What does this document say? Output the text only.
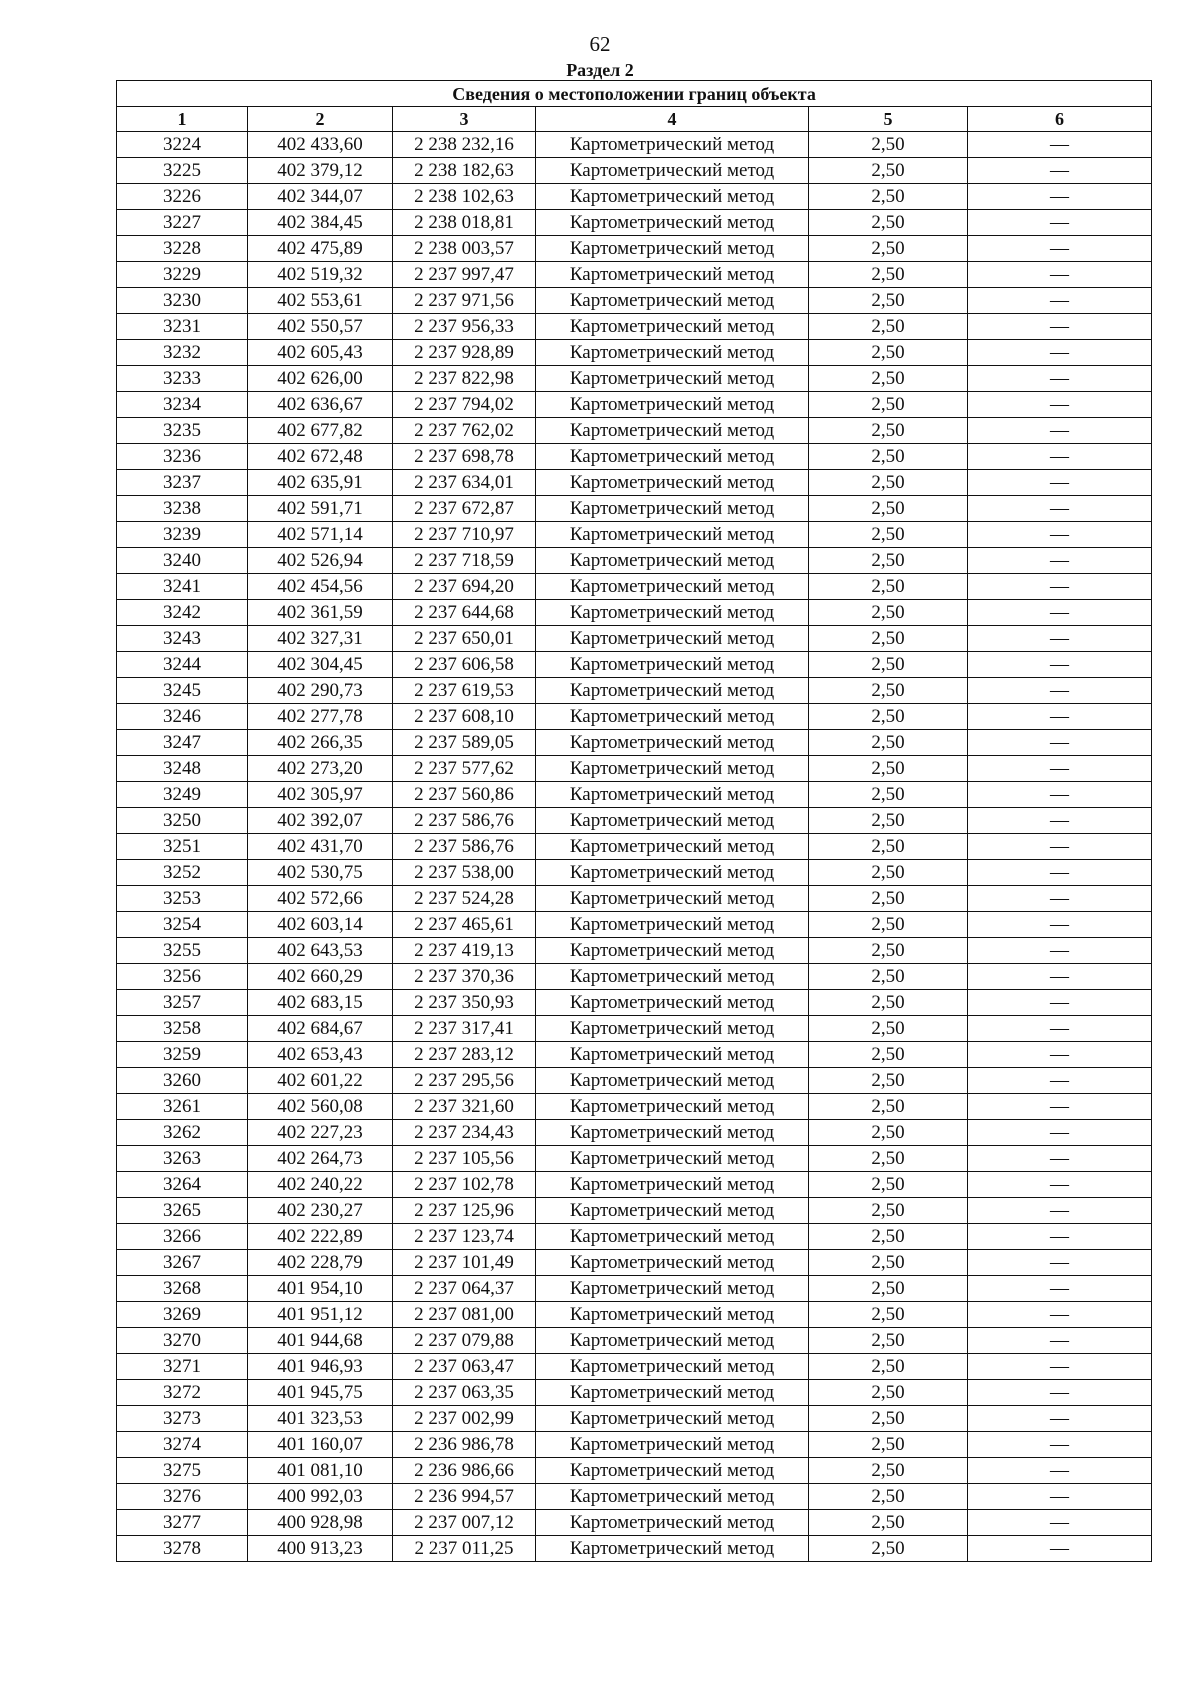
62
Раздел 2
Сведения о местоположении границ объекта					
1	2	3	4	5	6
3224	402 433,60	2 238 232,16	Картометрический метод	2,50	—
3225	402 379,12	2 238 182,63	Картометрический метод	2,50	—
3226	402 344,07	2 238 102,63	Картометрический метод	2,50	—
3227	402 384,45	2 238 018,81	Картометрический метод	2,50	—
3228	402 475,89	2 238 003,57	Картометрический метод	2,50	—
3229	402 519,32	2 237 997,47	Картометрический метод	2,50	—
3230	402 553,61	2 237 971,56	Картометрический метод	2,50	—
3231	402 550,57	2 237 956,33	Картометрический метод	2,50	—
3232	402 605,43	2 237 928,89	Картометрический метод	2,50	—
3233	402 626,00	2 237 822,98	Картометрический метод	2,50	—
3234	402 636,67	2 237 794,02	Картометрический метод	2,50	—
3235	402 677,82	2 237 762,02	Картометрический метод	2,50	—
3236	402 672,48	2 237 698,78	Картометрический метод	2,50	—
3237	402 635,91	2 237 634,01	Картометрический метод	2,50	—
3238	402 591,71	2 237 672,87	Картометрический метод	2,50	—
3239	402 571,14	2 237 710,97	Картометрический метод	2,50	—
3240	402 526,94	2 237 718,59	Картометрический метод	2,50	—
3241	402 454,56	2 237 694,20	Картометрический метод	2,50	—
3242	402 361,59	2 237 644,68	Картометрический метод	2,50	—
3243	402 327,31	2 237 650,01	Картометрический метод	2,50	—
3244	402 304,45	2 237 606,58	Картометрический метод	2,50	—
3245	402 290,73	2 237 619,53	Картометрический метод	2,50	—
3246	402 277,78	2 237 608,10	Картометрический метод	2,50	—
3247	402 266,35	2 237 589,05	Картометрический метод	2,50	—
3248	402 273,20	2 237 577,62	Картометрический метод	2,50	—
3249	402 305,97	2 237 560,86	Картометрический метод	2,50	—
3250	402 392,07	2 237 586,76	Картометрический метод	2,50	—
3251	402 431,70	2 237 586,76	Картометрический метод	2,50	—
3252	402 530,75	2 237 538,00	Картометрический метод	2,50	—
3253	402 572,66	2 237 524,28	Картометрический метод	2,50	—
3254	402 603,14	2 237 465,61	Картометрический метод	2,50	—
3255	402 643,53	2 237 419,13	Картометрический метод	2,50	—
3256	402 660,29	2 237 370,36	Картометрический метод	2,50	—
3257	402 683,15	2 237 350,93	Картометрический метод	2,50	—
3258	402 684,67	2 237 317,41	Картометрический метод	2,50	—
3259	402 653,43	2 237 283,12	Картометрический метод	2,50	—
3260	402 601,22	2 237 295,56	Картометрический метод	2,50	—
3261	402 560,08	2 237 321,60	Картометрический метод	2,50	—
3262	402 227,23	2 237 234,43	Картометрический метод	2,50	—
3263	402 264,73	2 237 105,56	Картометрический метод	2,50	—
3264	402 240,22	2 237 102,78	Картометрический метод	2,50	—
3265	402 230,27	2 237 125,96	Картометрический метод	2,50	—
3266	402 222,89	2 237 123,74	Картометрический метод	2,50	—
3267	402 228,79	2 237 101,49	Картометрический метод	2,50	—
3268	401 954,10	2 237 064,37	Картометрический метод	2,50	—
3269	401 951,12	2 237 081,00	Картометрический метод	2,50	—
3270	401 944,68	2 237 079,88	Картометрический метод	2,50	—
3271	401 946,93	2 237 063,47	Картометрический метод	2,50	—
3272	401 945,75	2 237 063,35	Картометрический метод	2,50	—
3273	401 323,53	2 237 002,99	Картометрический метод	2,50	—
3274	401 160,07	2 236 986,78	Картометрический метод	2,50	—
3275	401 081,10	2 236 986,66	Картометрический метод	2,50	—
3276	400 992,03	2 236 994,57	Картометрический метод	2,50	—
3277	400 928,98	2 237 007,12	Картометрический метод	2,50	—
3278	400 913,23	2 237 011,25	Картометрический метод	2,50	—
